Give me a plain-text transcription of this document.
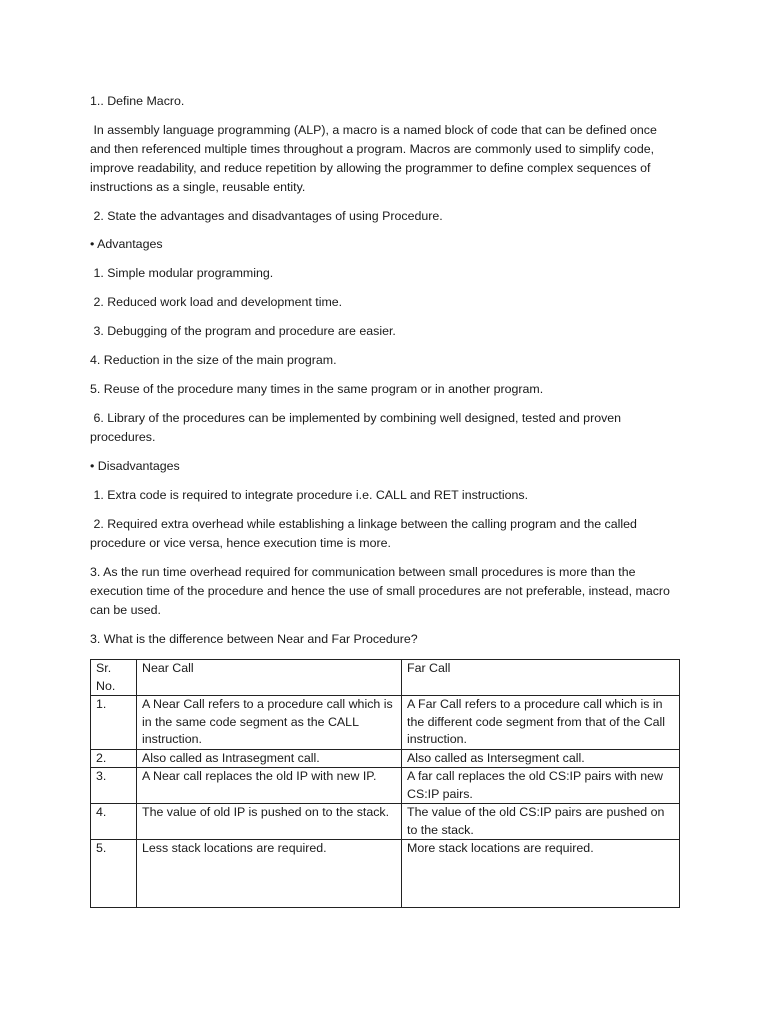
1.. Define Macro.

In assembly language programming (ALP), a macro is a named block of code that can be defined once and then referenced multiple times throughout a program. Macros are commonly used to simplify code, improve readability, and reduce repetition by allowing the programmer to define complex sequences of instructions as a single, reusable entity.

2. State the advantages and disadvantages of using Procedure.

• Advantages

1. Simple modular programming.

2. Reduced work load and development time.

3. Debugging of the program and procedure are easier.

4. Reduction in the size of the main program.

5. Reuse of the procedure many times in the same program or in another program.

6. Library of the procedures can be implemented by combining well designed, tested and proven procedures.

• Disadvantages

1. Extra code is required to integrate procedure i.e. CALL and RET instructions.

2. Required extra overhead while establishing a linkage between the calling program and the called procedure or vice versa, hence execution time is more.

3. As the run time overhead required for communication between small procedures is more than the execution time of the procedure and hence the use of small procedures are not preferable, instead, macro can be used.

3. What is the difference between Near and Far Procedure?

Sr. No.	Near Call	Far Call
1.	A Near Call refers to a procedure call which is in the same code segment as the CALL instruction.	A Far Call refers to a procedure call which is in the different code segment from that of the Call instruction.
2.	Also called as Intrasegment call.	Also called as Intersegment call.
3.	A Near call replaces the old IP with new IP.	A far call replaces the old CS:IP pairs with new CS:IP pairs.
4.	The value of old IP is pushed on to the stack.	The value of the old CS:IP pairs are pushed on to the stack.
5.	Less stack locations are required.	More stack locations are required.
